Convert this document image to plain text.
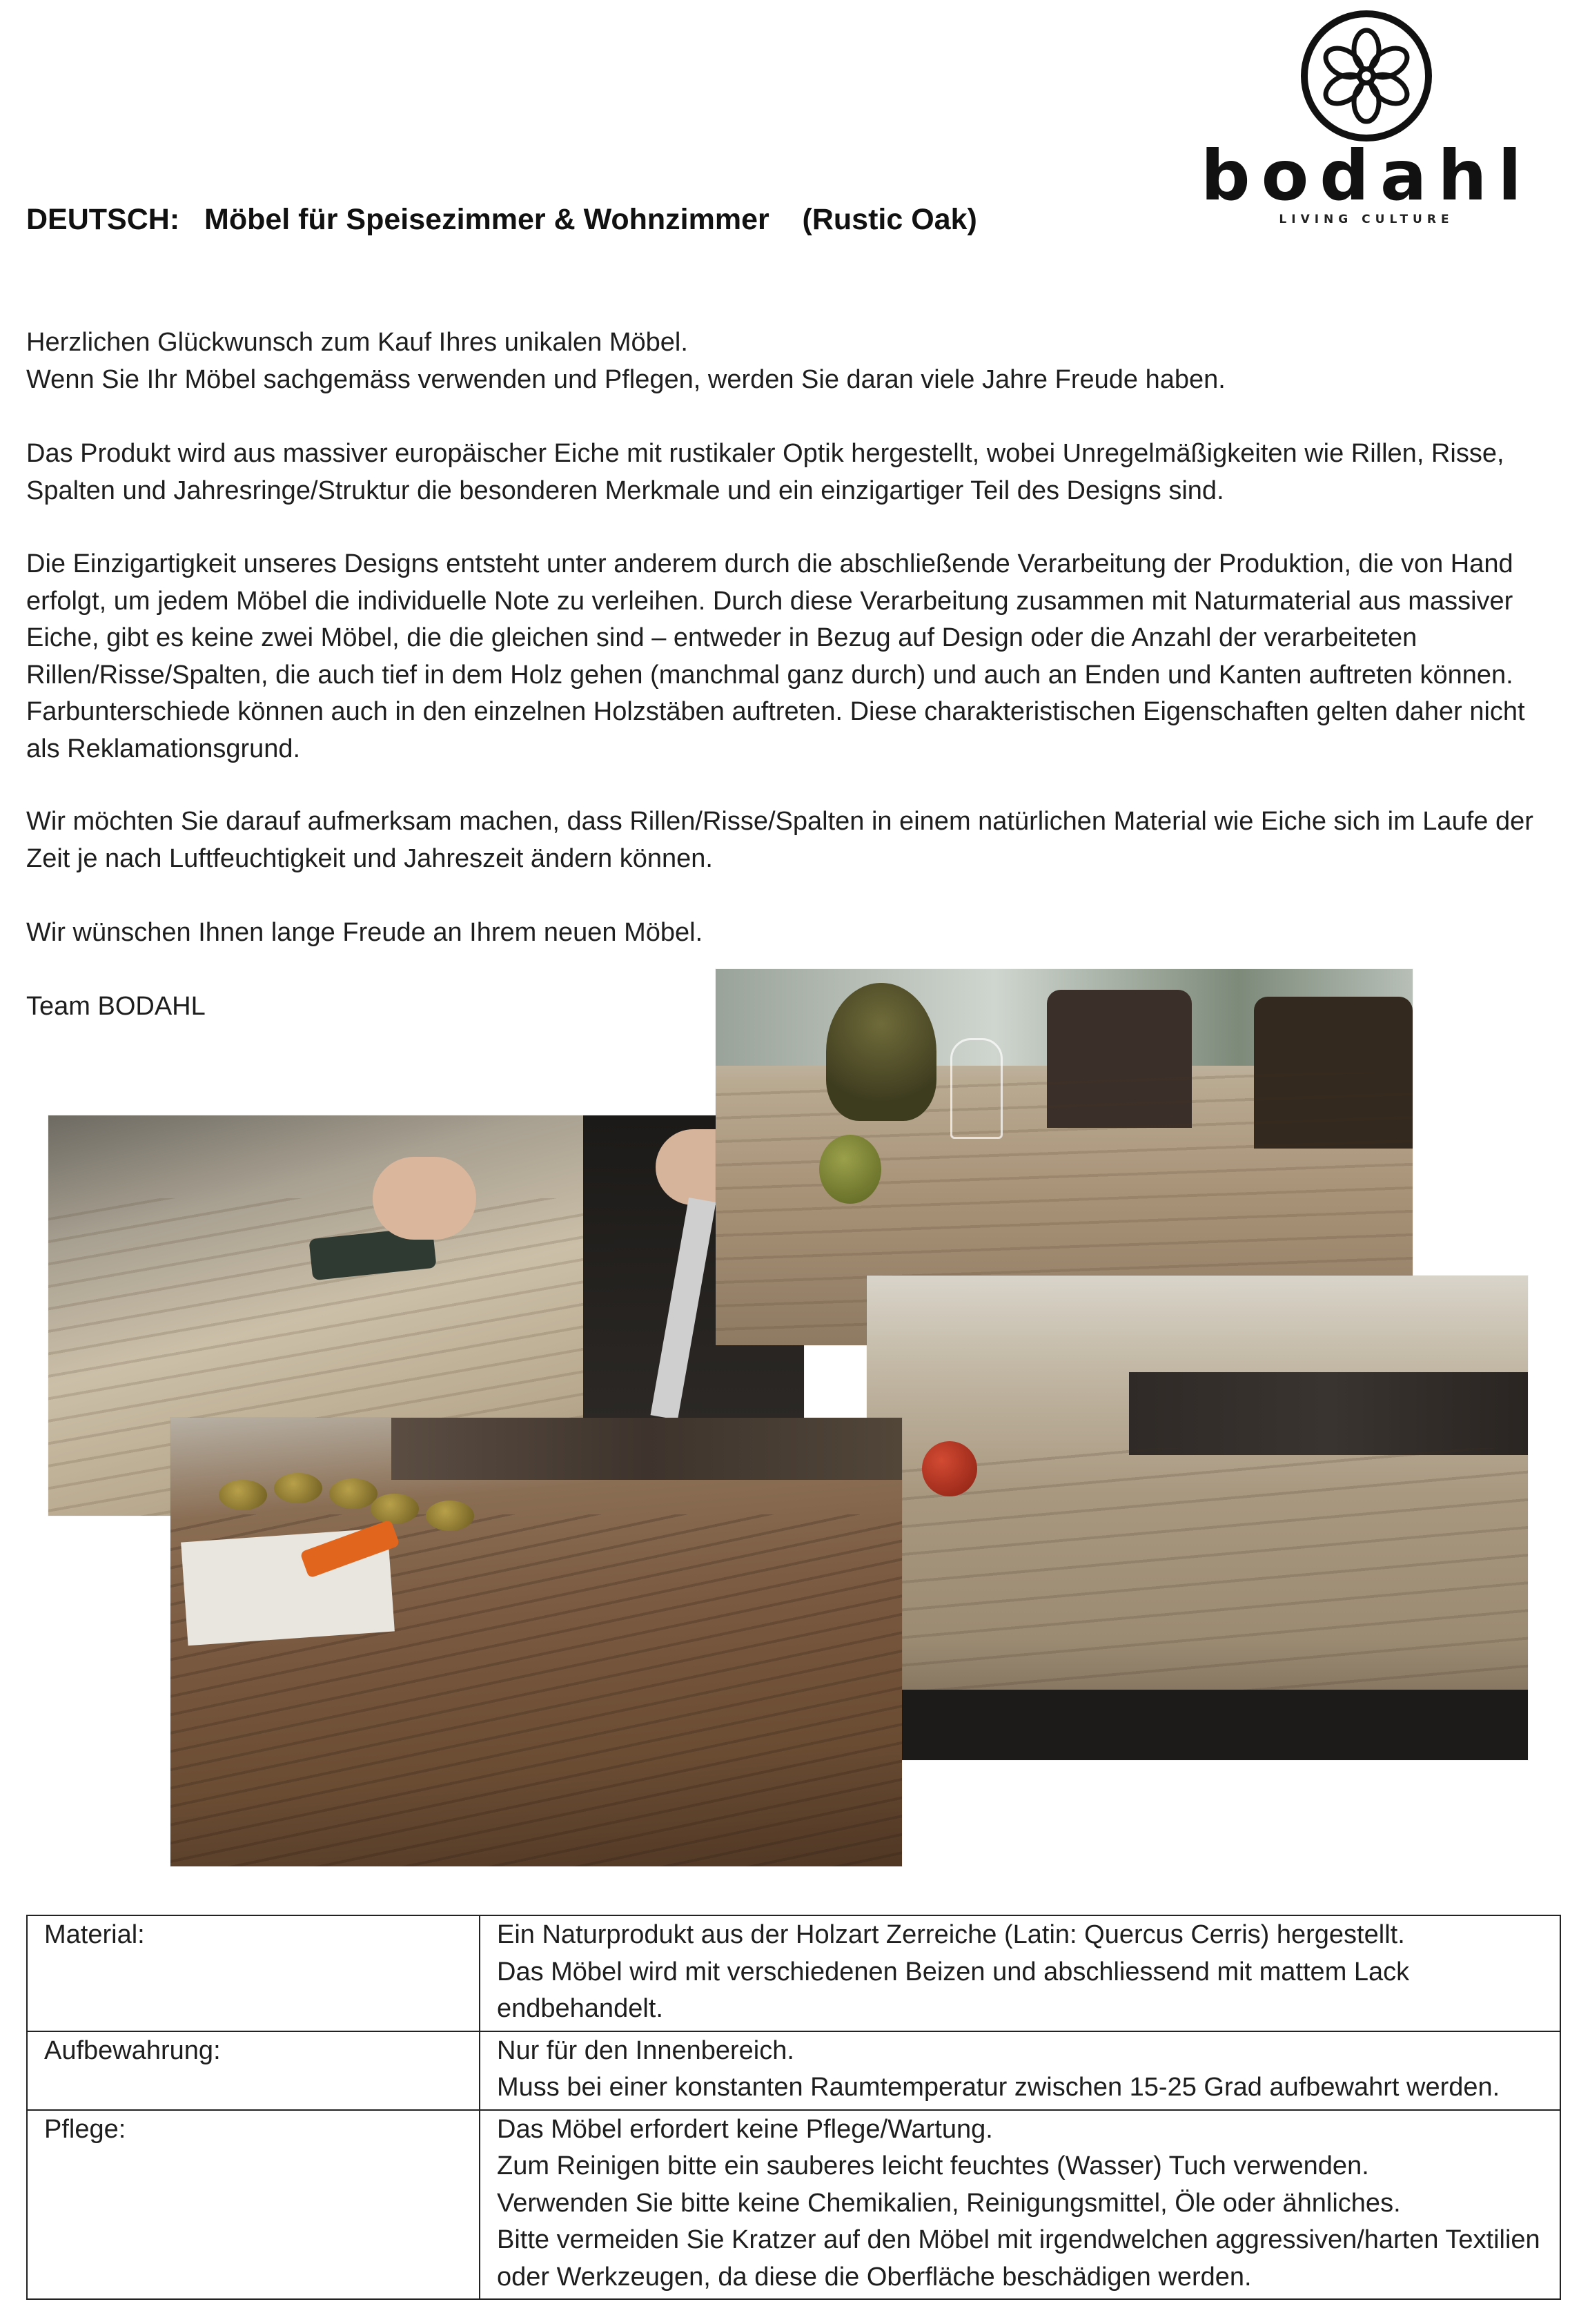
bodahl
LIVING CULTURE
DEUTSCH:   Möbel für Speisezimmer & Wohnzimmer    (Rustic Oak)

Herzlichen Glückwunsch zum Kauf Ihres unikalen Möbel.

Wenn Sie Ihr Möbel sachgemäss verwenden und Pflegen, werden Sie daran viele Jahre Freude haben.

Das Produkt wird aus massiver europäischer Eiche mit rustikaler Optik hergestellt, wobei Unregelmäßigkeiten wie Rillen, Risse, Spalten und Jahresringe/Struktur die besonderen Merkmale und ein einzigartiger Teil des Designs sind.

Die Einzigartigkeit unseres Designs entsteht unter anderem durch die abschließende Verarbeitung der Produktion, die von Hand erfolgt, um jedem Möbel die individuelle Note zu verleihen. Durch diese Verarbeitung zusammen mit Naturmaterial aus massiver Eiche, gibt es keine zwei Möbel, die die gleichen sind – entweder in Bezug auf Design oder die Anzahl der verarbeiteten Rillen/Risse/Spalten, die auch tief in dem Holz gehen (manchmal ganz durch) und auch an Enden und Kanten auftreten können. Farbunterschiede können auch in den einzelnen Holzstäben auftreten. Diese charakteristischen Eigenschaften gelten daher nicht als Reklamationsgrund.

Wir möchten Sie darauf aufmerksam machen, dass Rillen/Risse/Spalten in einem natürlichen Material wie Eiche sich im Laufe der Zeit je nach Luftfeuchtigkeit und Jahreszeit ändern können.

Wir wünschen Ihnen lange Freude an Ihrem neuen Möbel.

Team BODAHL

Material:	Ein Naturprodukt aus der Holzart Zerreiche (Latin: Quercus Cerris) hergestellt.

Das Möbel wird mit verschiedenen Beizen und abschliessend mit mattem Lack endbehandelt.

Aufbewahrung:	Nur für den Innenbereich.

Muss bei einer konstanten Raumtemperatur zwischen 15-25 Grad aufbewahrt werden.

Pflege:	Das Möbel erfordert keine Pflege/Wartung.

Zum Reinigen bitte ein sauberes leicht feuchtes (Wasser) Tuch verwenden.

Verwenden Sie bitte keine Chemikalien, Reinigungsmittel, Öle oder ähnliches.

Bitte vermeiden Sie Kratzer auf den Möbel mit irgendwelchen aggressiven/harten Textilien oder Werkzeugen, da diese die Oberfläche beschädigen werden.
